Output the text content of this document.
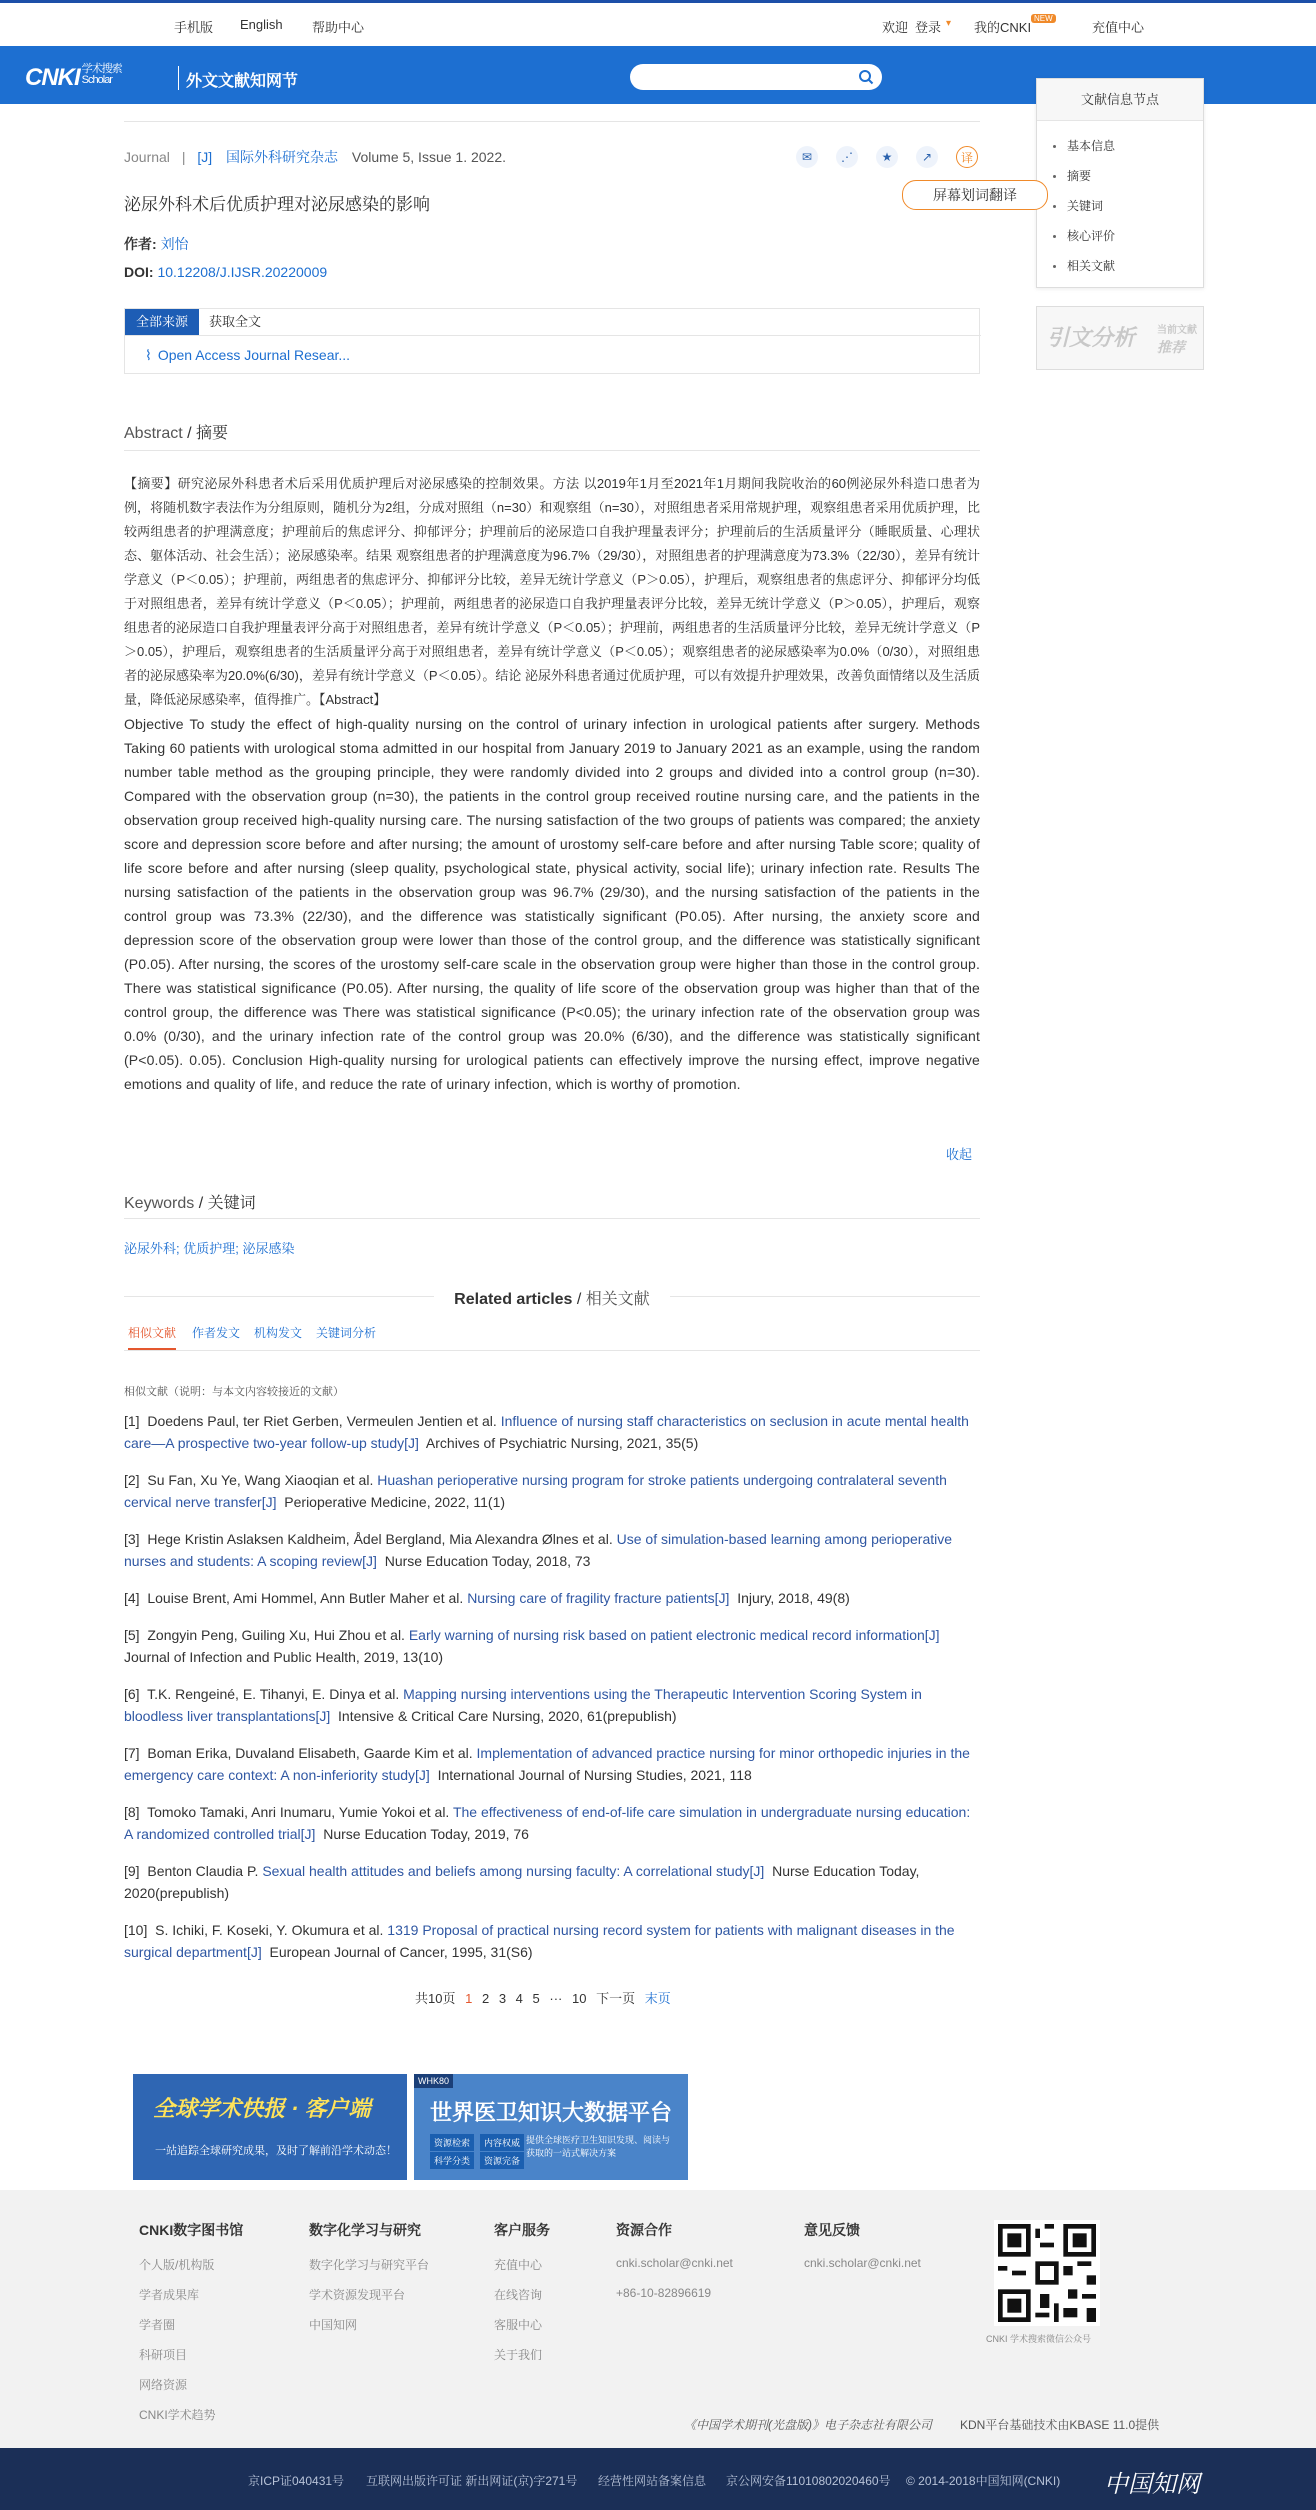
手机版 English 帮助中心	欢迎 登录 ▾ 我的CNKI
NEW
充值中心
CNKI 学术搜索
Scholar	外文文献知网节
文献信息节点
基本信息
摘要
关键词
核心评价
相关文献
引文分析 当前文献
推荐
Journal | [J] 国际外科研究杂志 Volume 5, Issue 1. 2022.	✉	⋰	★	↗	译
屏幕划词翻译
泌尿外科术后优质护理对泌尿感染的影响
作者: 刘怡
DOI: 10.12208/J.IJSR.20220009
全部来源	获取全文
⌇ Open Access Journal Resear...
Abstract / 摘要
【摘要】研究泌尿外科患者术后采用优质护理后对泌尿感染的控制效果。方法 以2019年1月至2021年1月期间我院收治的60例泌尿外科造口患者为例，将随机数字表法作为分组原则，随机分为2组，分成对照组（n=30）和观察组（n=30），对照组患者采用常规护理，观察组患者采用优质护理，比较两组患者的护理满意度；护理前后的焦虑评分、抑郁评分；护理前后的泌尿造口自我护理量表评分；护理前后的生活质量评分（睡眠质量、心理状态、躯体活动、社会生活）；泌尿感染率。结果 观察组患者的护理满意度为96.7%（29/30），对照组患者的护理满意度为73.3%（22/30），差异有统计学意义（P＜0.05）；护理前，两组患者的焦虑评分、抑郁评分比较，差异无统计学意义（P＞0.05），护理后，观察组患者的焦虑评分、抑郁评分均低于对照组患者，差异有统计学意义（P＜0.05）；护理前，两组患者的泌尿造口自我护理量表评分比较，差异无统计学意义（P＞0.05），护理后，观察组患者的泌尿造口自我护理量表评分高于对照组患者，差异有统计学意义（P＜0.05）；护理前，两组患者的生活质量评分比较，差异无统计学意义（P＞0.05），护理后，观察组患者的生活质量评分高于对照组患者，差异有统计学意义（P＜0.05）；观察组患者的泌尿感染率为0.0%（0/30），对照组患者的泌尿感染率为20.0%(6/30)，差异有统计学意义（P＜0.05）。结论 泌尿外科患者通过优质护理，可以有效提升护理效果，改善负面情绪以及生活质量，降低泌尿感染率，值得推广。【Abstract】
Objective To study the effect of high-quality nursing on the control of urinary infection in urological patients after surgery. Methods Taking 60 patients with urological stoma admitted in our hospital from January 2019 to January 2021 as an example, using the random number table method as the grouping principle, they were randomly divided into 2 groups and divided into a control group (n=30). Compared with the observation group (n=30), the patients in the control group received routine nursing care, and the patients in the observation group received high-quality nursing care. The nursing satisfaction of the two groups of patients was compared; the anxiety score and depression score before and after nursing; the amount of urostomy self-care before and after nursing Table score; quality of life score before and after nursing (sleep quality, psychological state, physical activity, social life); urinary infection rate. Results The nursing satisfaction of the patients in the observation group was 96.7% (29/30), and the nursing satisfaction of the patients in the control group was 73.3% (22/30), and the difference was statistically significant (P0.05). After nursing, the anxiety score and depression score of the observation group were lower than those of the control group, and the difference was statistically significant (P0.05). After nursing, the scores of the urostomy self-care scale in the observation group were higher than those in the control group. There was statistical significance (P0.05). After nursing, the quality of life score of the observation group was higher than that of the control group, the difference was There was statistical significance (P<0.05); the urinary infection rate of the observation group was 0.0% (0/30), and the urinary infection rate of the control group was 20.0% (6/30), and the difference was statistically significant (P<0.05). 0.05). Conclusion High-quality nursing for urological patients can effectively improve the nursing effect, improve negative emotions and quality of life, and reduce the rate of urinary infection, which is worthy of promotion.
收起
Keywords / 关键词
泌尿外科; 优质护理; 泌尿感染
Related articles / 相关文献
相似文献 作者发文 机构发文 关键词分析
相似文献（说明：与本文内容较接近的文献）
[1] Doedens Paul, ter Riet Gerben, Vermeulen Jentien et al. Influence of nursing staff characteristics on seclusion in acute mental health care—A prospective two-year follow-up study[J] Archives of Psychiatric Nursing, 2021, 35(5)
[2] Su Fan, Xu Ye, Wang Xiaoqian et al. Huashan perioperative nursing program for stroke patients undergoing contralateral seventh cervical nerve transfer[J] Perioperative Medicine, 2022, 11(1)
[3] Hege Kristin Aslaksen Kaldheim, Ådel Bergland, Mia Alexandra Ølnes et al. Use of simulation-based learning among perioperative nurses and students: A scoping review[J] Nurse Education Today, 2018, 73
[4] Louise Brent, Ami Hommel, Ann Butler Maher et al. Nursing care of fragility fracture patients[J] Injury, 2018, 49(8)
[5] Zongyin Peng, Guiling Xu, Hui Zhou et al. Early warning of nursing risk based on patient electronic medical record information[J]  Journal of Infection and Public Health, 2019, 13(10)
[6] T.K. Rengeiné, E. Tihanyi, E. Dinya et al. Mapping nursing interventions using the Therapeutic Intervention Scoring System in bloodless liver transplantations[J] Intensive & Critical Care Nursing, 2020, 61(prepublish)
[7] Boman Erika, Duvaland Elisabeth, Gaarde Kim et al. Implementation of advanced practice nursing for minor orthopedic injuries in the emergency care context: A non-inferiority study[J] International Journal of Nursing Studies, 2021, 118
[8] Tomoko Tamaki, Anri Inumaru, Yumie Yokoi et al. The effectiveness of end-of-life care simulation in undergraduate nursing education: A randomized controlled trial[J] Nurse Education Today, 2019, 76
[9] Benton Claudia P. Sexual health attitudes and beliefs among nursing faculty: A correlational study[J] Nurse Education Today, 2020(prepublish)
[10] S. Ichiki, F. Koseki, Y. Okumura et al. 1319 Proposal of practical nursing record system for patients with malignant diseases in the surgical department[J] European Journal of Cancer, 1995, 31(S6)
共10页 1 2 3 4 5 ··· 10 下一页 末页
全球学术快报 · 客户端
一站追踪全球研究成果，及时了解前沿学术动态！
WHK80
世界医卫知识大数据平台
资源检索	内容权威
科学分类	资源完备
提供全球医疗卫生知识发现、阅读与获取的一站式解决方案
CNKI数字图书馆
个人版/机构版
学者成果库
学者圈
科研项目
网络资源
CNKI学术趋势
数字化学习与研究
数字化学习与研究平台
学术资源发现平台
中国知网
客户服务
充值中心
在线咨询
客服中心
关于我们
资源合作
cnki.scholar@cnki.net
+86-10-82896619
意见反馈
cnki.scholar@cnki.net
CNKI 学术搜索微信公众号
《中国学术期刊(光盘版)》电子杂志社有限公司 KDN平台基础技术由KBASE 11.0提供
京ICP证040431号 互联网出版许可证 新出网证(京)字271号 经营性网站备案信息 京公网安备11010802020460号 © 2014-2018中国知网(CNKI) 中国知网
